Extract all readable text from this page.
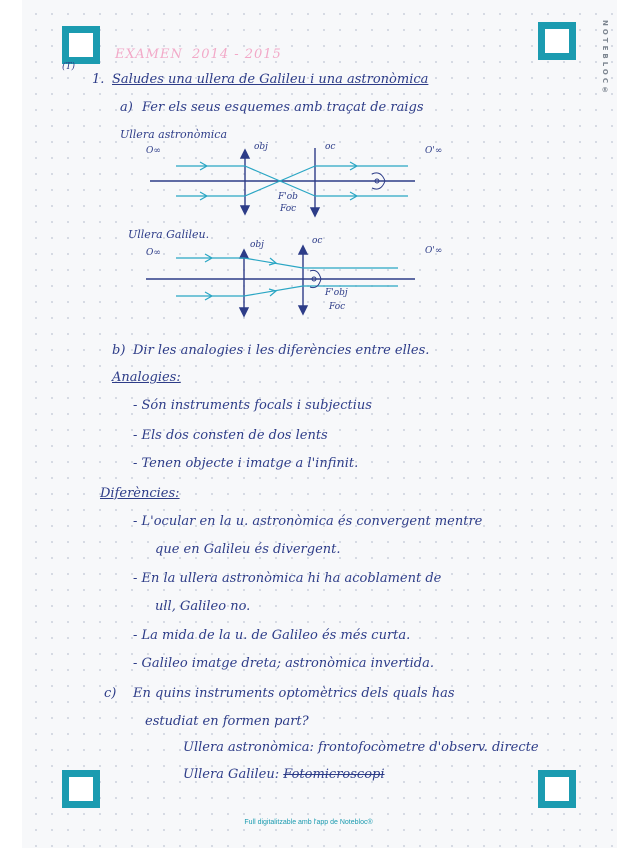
NOTEBLOC®
EXAMEN 2014 - 2015
(T)
1. Saludes una ullera de Galileu i una astronòmica
a) Fer els seus esquemes amb traçat de raigs
Ullera astronòmica
O∞	obj	oc	O'∞
F'ob
Foc
Ullera Galileu.
O∞
obj	oc
O'∞
F'obj
Foc
b) Dir les analogies i les diferències entre elles.
Analogies:
- Són instruments focals i subjectius
- Els dos consten de dos lents
- Tenen objecte i imatge a l'infinit.
Diferències:
- L'ocular en la u. astronòmica és convergent mentre
que en Galileu és divergent.
- En la ullera astronòmica hi ha acoblament de
ull, Galileo no.
- La mida de la u. de Galileo és més curta.
- Galileo imatge dreta; astronòmica invertida.
c) En quins instruments optomètrics dels quals has
estudiat en formen part?
Ullera astronòmica: frontofocòmetre d'observ. directe
Ullera Galileu: Fotomicroscopi
Full digitalitzable amb l'app de Notebloc®
